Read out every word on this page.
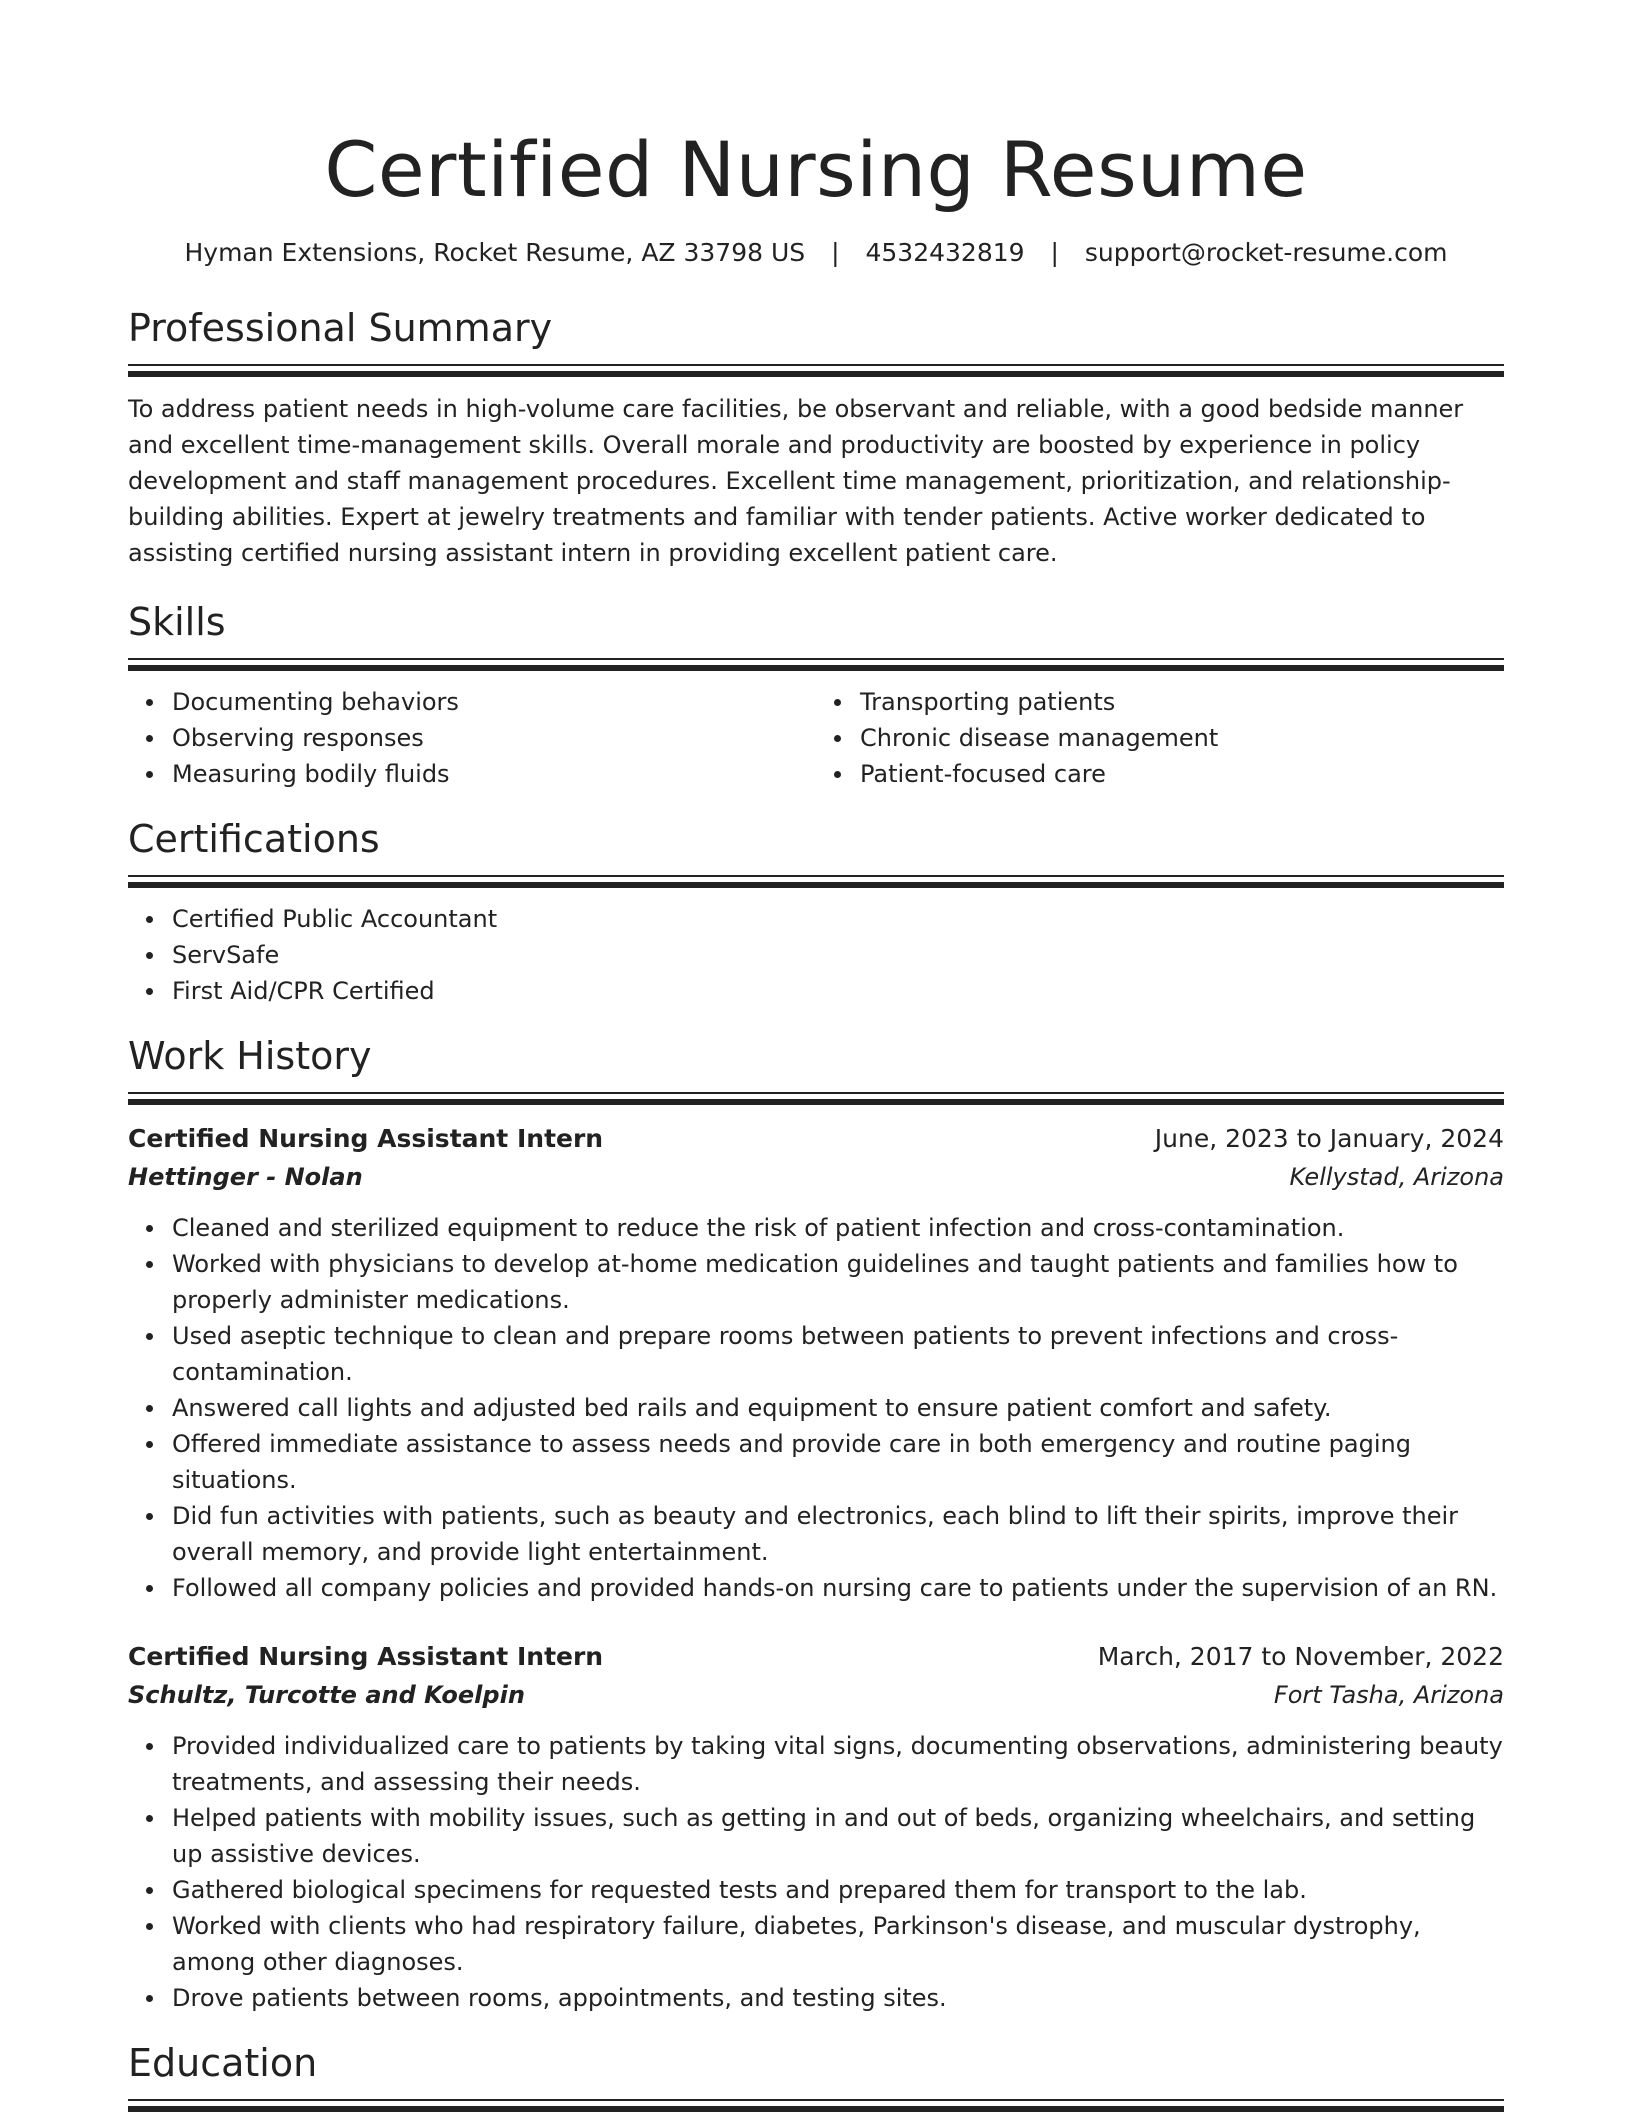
Certified Nursing Resume
Hyman Extensions, Rocket Resume, AZ 33798 US | 4532432819 | support@rocket-resume.com
Professional Summary

To address patient needs in high-volume care facilities, be observant and reliable, with a good bedside manner and excellent time-management skills. Overall morale and productivity are boosted by experience in policy development and staff management procedures. Excellent time management, prioritization, and relationship-building abilities. Expert at jewelry treatments and familiar with tender patients. Active worker dedicated to assisting certified nursing assistant intern in providing excellent patient care.

Skills
Documenting behaviors
Observing responses
Measuring bodily fluids
Transporting patients
Chronic disease management
Patient-focused care
Certifications
Certified Public Accountant
ServSafe
First Aid/CPR Certified
Work History
Certified Nursing Assistant Intern	June, 2023 to January, 2024
Hettinger - Nolan	Kellystad, Arizona
Cleaned and sterilized equipment to reduce the risk of patient infection and cross-contamination.
Worked with physicians to develop at-home medication guidelines and taught patients and families how to properly administer medications.
Used aseptic technique to clean and prepare rooms between patients to prevent infections and cross-contamination.
Answered call lights and adjusted bed rails and equipment to ensure patient comfort and safety.
Offered immediate assistance to assess needs and provide care in both emergency and routine paging situations.
Did fun activities with patients, such as beauty and electronics, each blind to lift their spirits, improve their overall memory, and provide light entertainment.
Followed all company policies and provided hands-on nursing care to patients under the supervision of an RN.
Certified Nursing Assistant Intern	March, 2017 to November, 2022
Schultz, Turcotte and Koelpin	Fort Tasha, Arizona
Provided individualized care to patients by taking vital signs, documenting observations, administering beauty treatments, and assessing their needs.
Helped patients with mobility issues, such as getting in and out of beds, organizing wheelchairs, and setting up assistive devices.
Gathered biological specimens for requested tests and prepared them for transport to the lab.
Worked with clients who had respiratory failure, diabetes, Parkinson's disease, and muscular dystrophy, among other diagnoses.
Drove patients between rooms, appointments, and testing sites.
Education
